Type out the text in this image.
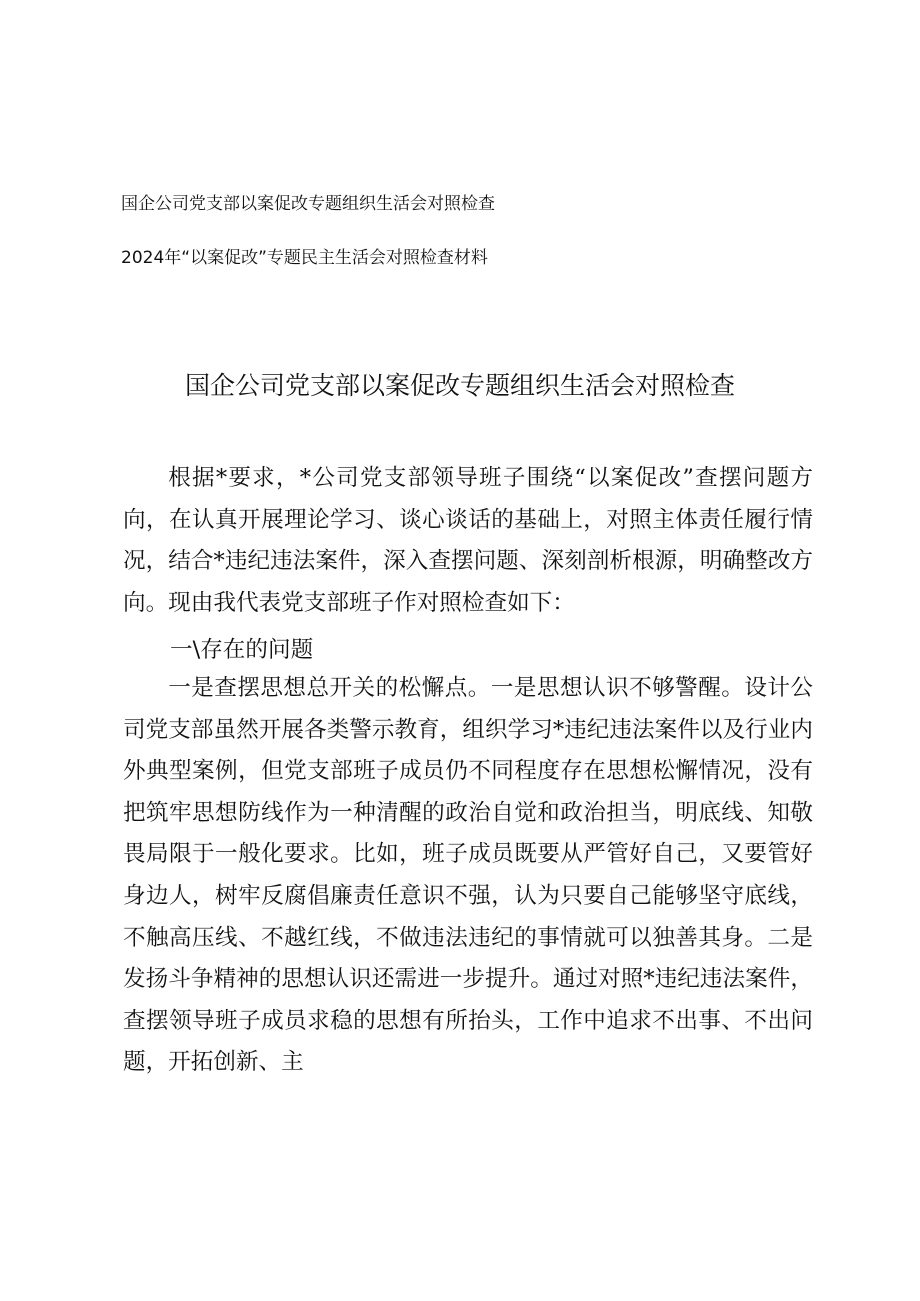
国企公司党支部以案促改专题组织生活会对照检查
2024年“以案促改”专题民主生活会对照检查材料
国企公司党支部以案促改专题组织生活会对照检查

根据*要求，*公司党支部领导班子围绕“以案促改”查摆问题方向，在认真开展理论学习、谈心谈话的基础上，对照主体责任履行情况，结合*违纪违法案件，深入查摆问题、深刻剖析根源，明确整改方向。现由我代表党支部班子作对照检查如下：

一\存在的问题

一是查摆思想总开关的松懈点。一是思想认识不够警醒。设计公司党支部虽然开展各类警示教育，组织学习*违纪违法案件以及行业内外典型案例，但党支部班子成员仍不同程度存在思想松懈情况，没有把筑牢思想防线作为一种清醒的政治自觉和政治担当，明底线、知敬畏局限于一般化要求。比如，班子成员既要从严管好自己，又要管好身边人，树牢反腐倡廉责任意识不强，认为只要自己能够坚守底线，不触高压线、不越红线，不做违法违纪的事情就可以独善其身。二是发扬斗争精神的思想认识还需进一步提升。通过对照*违纪违法案件，查摆领导班子成员求稳的思想有所抬头，工作中追求不出事、不出问题，开拓创新、主
